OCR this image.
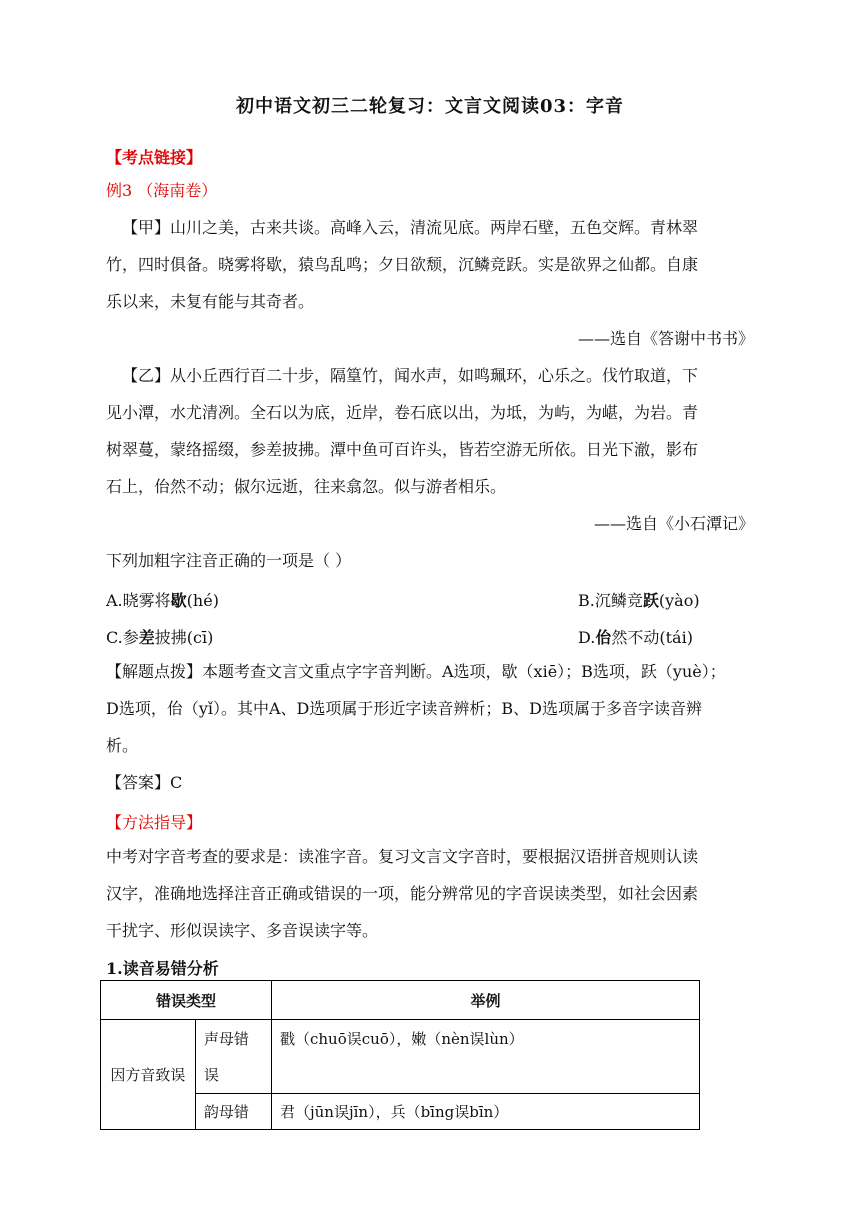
初中语文初三二轮复习：文言文阅读03：字音
【考点链接】
例3 （海南卷）
【甲】山川之美，古来共谈。高峰入云，清流见底。两岸石壁，五色交辉。青林翠
竹，四时俱备。晓雾将歇，猿鸟乱鸣；夕日欲颓，沉鳞竞跃。实是欲界之仙都。自康
乐以来，未复有能与其奇者。
——选自《答谢中书书》
【乙】从小丘西行百二十步，隔篁竹，闻水声，如鸣珮环，心乐之。伐竹取道，下
见小潭，水尤清冽。全石以为底，近岸，卷石底以出，为坻，为屿，为嵁，为岩。青
树翠蔓，蒙络摇缀，参差披拂。潭中鱼可百许头，皆若空游无所依。日光下澈，影布
石上，佁然不动；俶尔远逝，往来翕忽。似与游者相乐。
——选自《小石潭记》
下列加粗字注音正确的一项是（ ）
A.晓雾将歇(hé)	B.沉鳞竞跃(yào)
C.参差披拂(cī)	D.佁然不动(tái)
【解题点拨】本题考查文言文重点字字音判断。A选项，歇（xiē）；B选项，跃（yuè）；
D选项，佁（yǐ）。其中A、D选项属于形近字读音辨析；B、D选项属于多音字读音辨
析。
【答案】C
【方法指导】
中考对字音考查的要求是：读准字音。复习文言文字音时，要根据汉语拼音规则认读
汉字，准确地选择注音正确或错误的一项，能分辨常见的字音误读类型，如社会因素
干扰字、形似误读字、多音误读字等。
1.读音易错分析
错误类型		举例
因方音致误	声母错误	戳（chuō误cuō），嫩（nèn误lùn）
	韵母错	君（jūn误jīn），兵（bīng误bīn）
